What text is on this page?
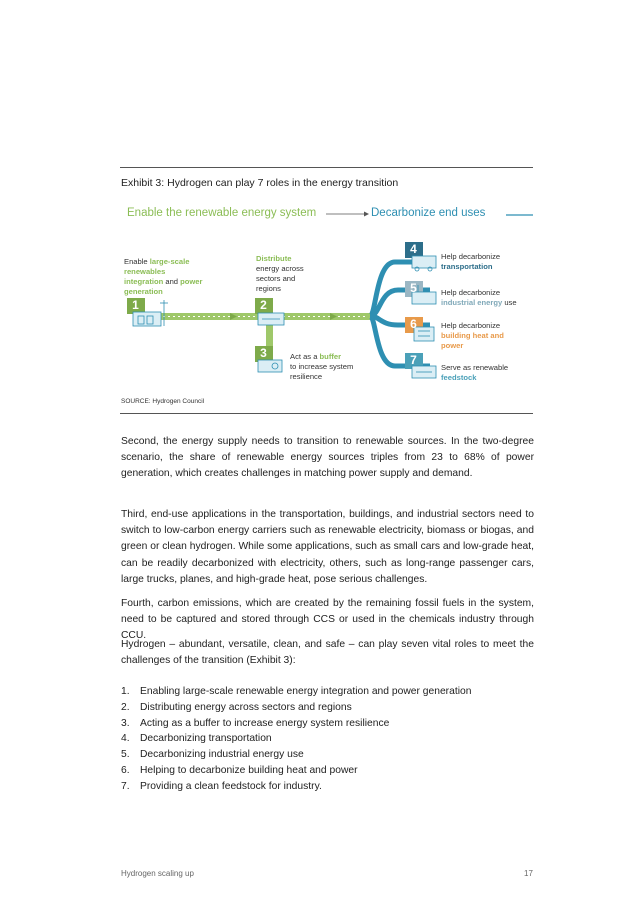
Exhibit 3: Hydrogen can play 7 roles in the energy transition
Enable the renewable energy system	Decarbonize end uses
1	2
3
4
5
6
7
Enable large-scale renewables integration and power generation
Distribute
energy across sectors and regions
Act as a buffer
to increase system resilience
Help decarbonize
transportation
Help decarbonize
industrial energy use
Help decarbonize
building heat and power
Serve as renewable
feedstock
SOURCE: Hydrogen Council
Second, the energy supply needs to transition to renewable sources. In the two-degree scenario, the share of renewable energy sources triples from 23 to 68% of power generation, which creates challenges in matching power supply and demand.
Third, end-use applications in the transportation, buildings, and industrial sectors need to switch to low-carbon energy carriers such as renewable electricity, biomass or biogas, and green or clean hydrogen. While some applications, such as small cars and low-grade heat, can be readily decarbonized with electricity, others, such as long-range passenger cars, large trucks, planes, and high-grade heat, pose serious challenges.
Fourth, carbon emissions, which are created by the remaining fossil fuels in the system, need to be captured and stored through CCS or used in the chemicals industry through CCU.
Hydrogen – abundant, versatile, clean, and safe – can play seven vital roles to meet the challenges of the transition (Exhibit 3):
1.	Enabling large-scale renewable energy integration and power generation
2.	Distributing energy across sectors and regions
3.	Acting as a buffer to increase energy system resilience
4.	Decarbonizing transportation
5.	Decarbonizing industrial energy use
6.	Helping to decarbonize building heat and power
7.	Providing a clean feedstock for industry.
Hydrogen scaling up	17
